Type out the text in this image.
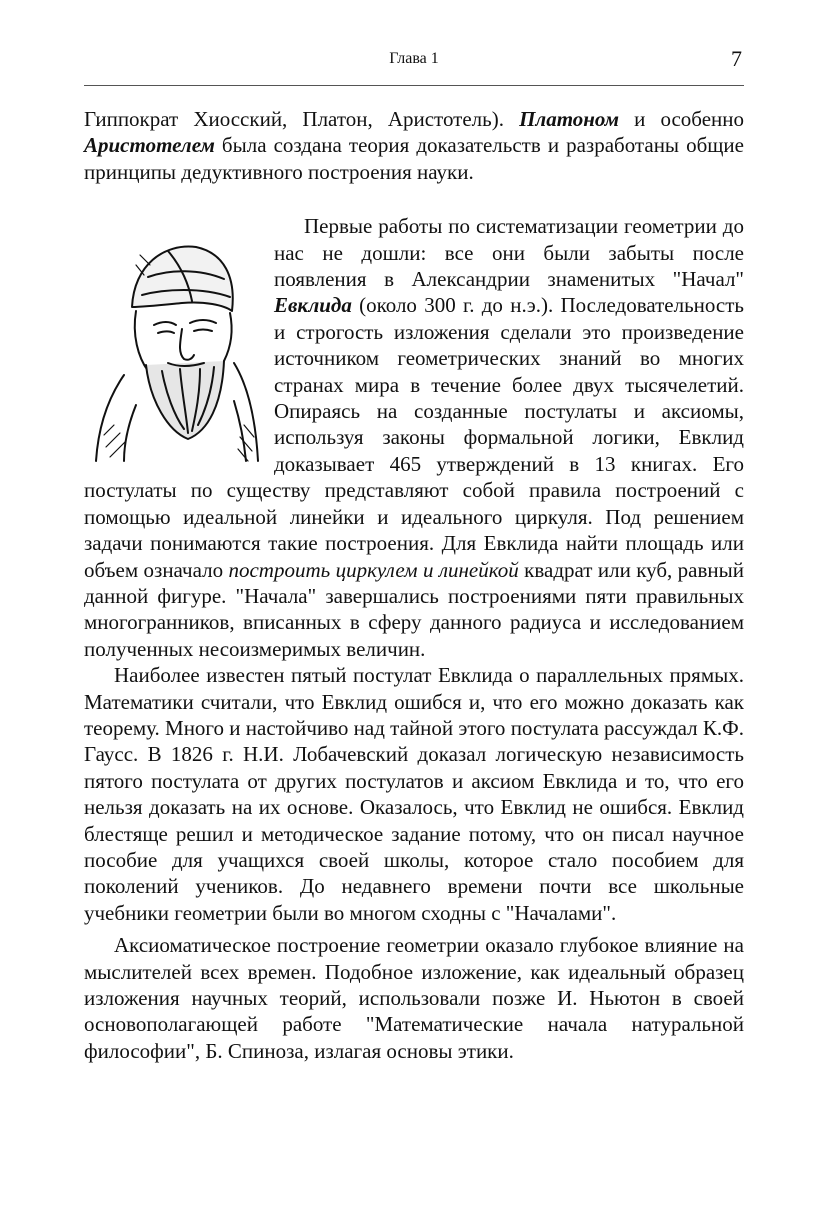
Глава 1	7

Гиппократ Хиосский, Платон, Аристотель). Платоном и особенно Аристотелем была создана теория доказательств и разработаны общие принципы дедуктивного построения науки.

Первые работы по систематизации геометрии до нас не дошли: все они были забыты после появления в Александрии знаменитых "Начал" Евклида (около 300 г. до н.э.). Последовательность и строгость изложения сделали это произведение источником геометрических знаний во многих странах мира в течение более двух тысячелетий. Опираясь на созданные постулаты и аксиомы, используя законы формальной логики, Евклид доказывает 465 утверждений в 13 книгах. Его постулаты по существу представляют собой правила построений с помощью идеальной линейки и идеального циркуля. Под решением задачи понимаются такие построения. Для Евклида найти площадь или объем означало построить циркулем и линейкой квадрат или куб, равный данной фигуре. "Начала" завершались построениями пяти правильных многогранников, вписанных в сферу данного радиуса и исследованием полученных несоизмеримых величин.

Наиболее известен пятый постулат Евклида о параллельных прямых. Математики считали, что Евклид ошибся и, что его можно доказать как теорему. Много и настойчиво над тайной этого постулата рассуждал К.Ф. Гаусс. В 1826 г. Н.И. Лобачевский доказал логическую независимость пятого постулата от других постулатов и аксиом Евклида и то, что его нельзя доказать на их основе. Оказалось, что Евклид не ошибся. Евклид блестяще решил и методическое задание потому, что он писал научное пособие для учащихся своей школы, которое стало пособием для поколений учеников. До недавнего времени почти все школьные учебники геометрии были во многом сходны с "Началами".

Аксиоматическое построение геометрии оказало глубокое влияние на мыслителей всех времен. Подобное изложение, как идеальный образец изложения научных теорий, использовали позже И. Ньютон в своей основополагающей работе "Математические начала натуральной философии", Б. Спиноза, излагая основы этики.
